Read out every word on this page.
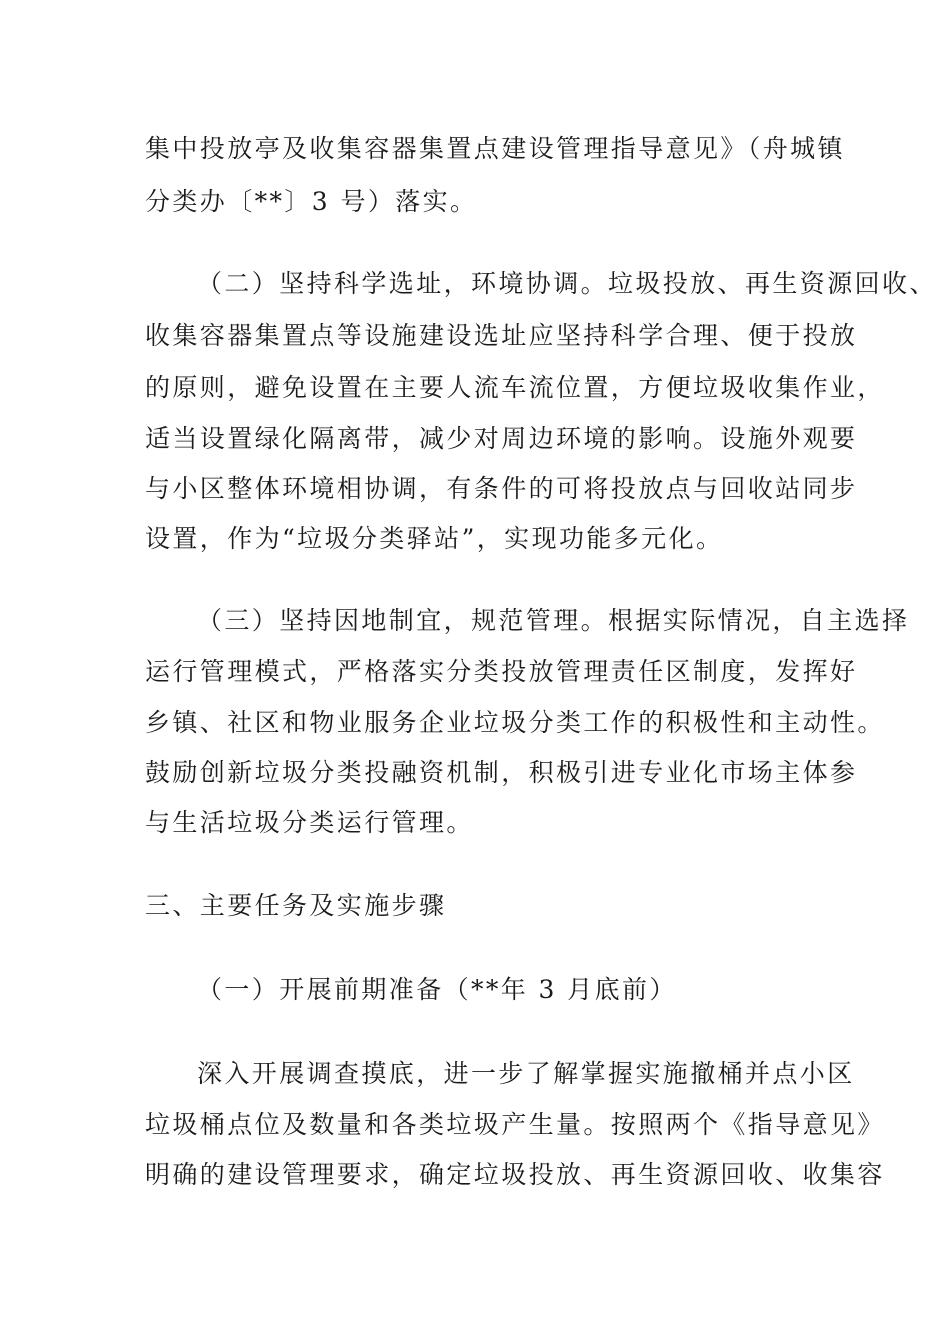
集中投放亭及收集容器集置点建设管理指导意见》（舟城镇
分类办〔**〕3 号）落实。
（二）坚持科学选址，环境协调。垃圾投放、再生资源回收、
收集容器集置点等设施建设选址应坚持科学合理、便于投放
的原则，避免设置在主要人流车流位置，方便垃圾收集作业，
适当设置绿化隔离带，减少对周边环境的影响。设施外观要
与小区整体环境相协调，有条件的可将投放点与回收站同步
设置，作为“垃圾分类驿站”，实现功能多元化。
（三）坚持因地制宜，规范管理。根据实际情况，自主选择
运行管理模式，严格落实分类投放管理责任区制度，发挥好
乡镇、社区和物业服务企业垃圾分类工作的积极性和主动性。
鼓励创新垃圾分类投融资机制，积极引进专业化市场主体参
与生活垃圾分类运行管理。
三、主要任务及实施步骤
（一）开展前期准备（**年 3 月底前）
深入开展调查摸底，进一步了解掌握实施撤桶并点小区
垃圾桶点位及数量和各类垃圾产生量。按照两个《指导意见》
明确的建设管理要求，确定垃圾投放、再生资源回收、收集容
